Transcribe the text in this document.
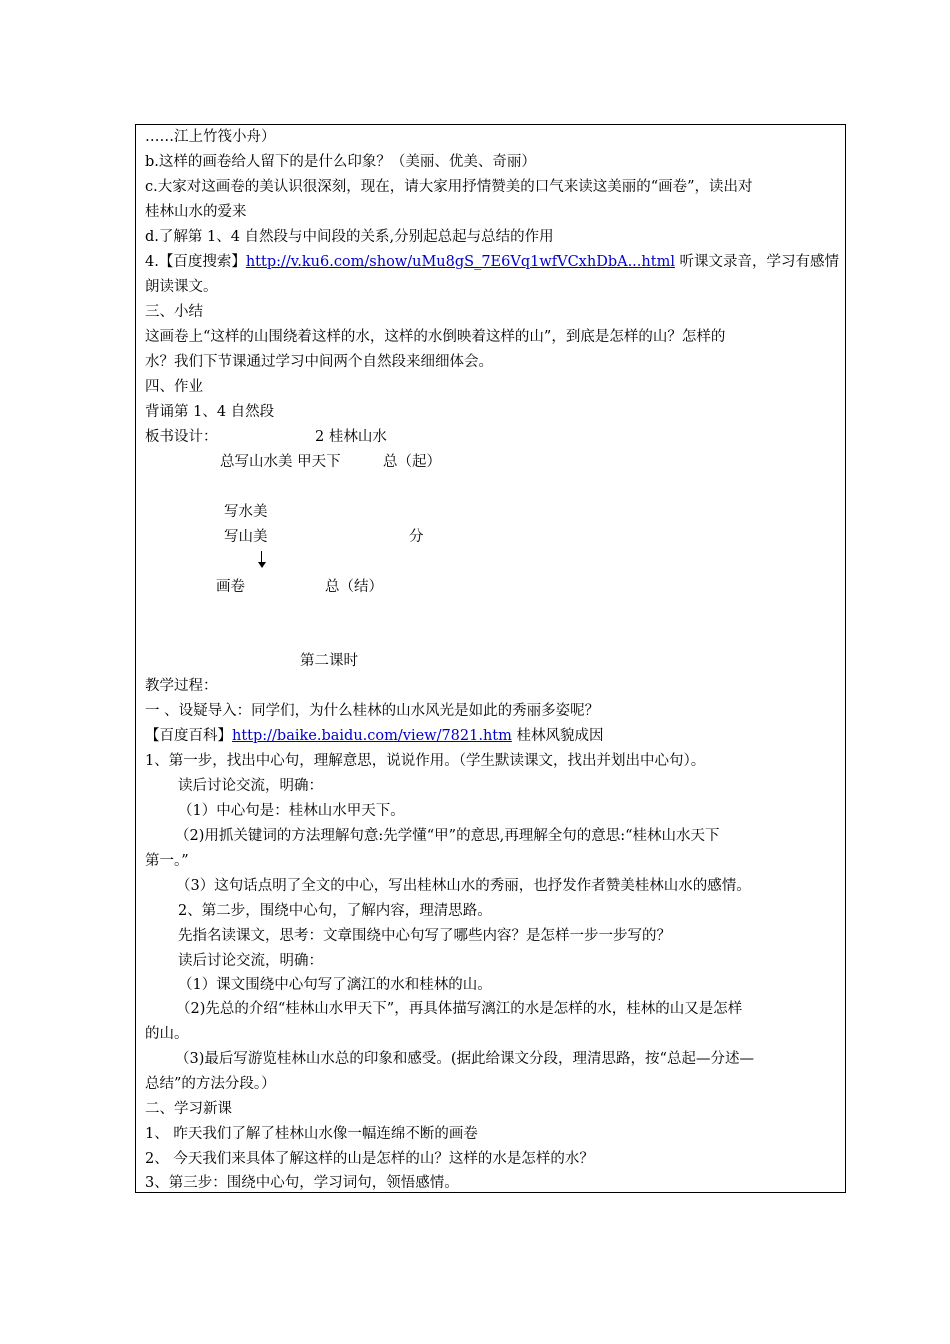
……江上竹筏小舟）
b.这样的画卷给人留下的是什么印象？（美丽、优美、奇丽）
c.大家对这画卷的美认识很深刻，现在，请大家用抒情赞美的口气来读这美丽的“画卷”，读出对
桂林山水的爱来
d.了解第 1、4 自然段与中间段的关系,分别起总起与总结的作用
4.【百度搜索】http://v.ku6.com/show/uMu8gS_7E6Vq1wfVCxhDbA...html 听课文录音，学习有感情
朗读课文。
三、小结
这画卷上“这样的山围绕着这样的水，这样的水倒映着这样的山”，到底是怎样的山？怎样的
水？我们下节课通过学习中间两个自然段来细细体会。
四、作业
背诵第 1、4 自然段
板书设计：	2 桂林山水
总写山水美 甲天下	总（起）
写水美
写山美	分
画卷	总（结）
第二课时
教学过程：
一 、设疑导入：同学们，为什么桂林的山水风光是如此的秀丽多姿呢？
【百度百科】http://baike.baidu.com/view/7821.htm 桂林风貌成因
1、第一步，找出中心句，理解意思，说说作用。（学生默读课文，找出并划出中心句）。
读后讨论交流，明确：
（1）中心句是：桂林山水甲天下。
（2)用抓关键词的方法理解句意:先学懂“甲”的意思,再理解全句的意思:“桂林山水天下
第一。”
（3）这句话点明了全文的中心，写出桂林山水的秀丽，也抒发作者赞美桂林山水的感情。
2、第二步，围绕中心句，了解内容，理清思路。
先指名读课文，思考：文章围绕中心句写了哪些内容？是怎样一步一步写的？
读后讨论交流，明确：
（1）课文围绕中心句写了漓江的水和桂林的山。
（2)先总的介绍“桂林山水甲天下”，再具体描写漓江的水是怎样的水，桂林的山又是怎样
的山。
（3)最后写游览桂林山水总的印象和感受。(据此给课文分段，理清思路，按“总起—分述—
总结”的方法分段。）
二、学习新课
1、 昨天我们了解了桂林山水像一幅连绵不断的画卷
2、 今天我们来具体了解这样的山是怎样的山？这样的水是怎样的水？
3、第三步：围绕中心句，学习词句，领悟感情。
